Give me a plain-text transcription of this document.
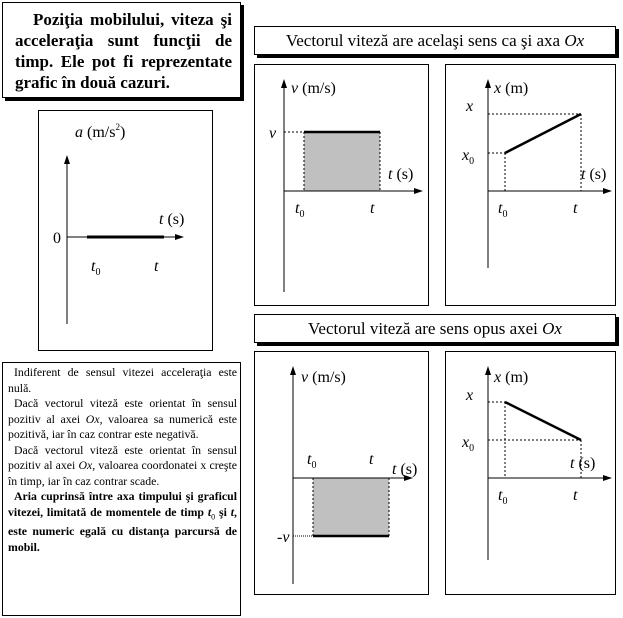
Poziţia mobilului, viteza şi acceleraţia sunt funcţii de timp. Ele pot fi reprezentate grafic în două cazuri.
Vectorul viteză are acelaşi sens ca şi axa Ox
Vectorul viteză are sens opus axei Ox
a $(m/s^2)$
t (s)
0
$t_0$	t
v (m/s)
t (s)
v
$t_0$	t
x (m)
t (s)
x
$x_0$
$t_0$	t
v (m/s)
t (s)
-v
$t_0$	t
x (m)
t (s)
x
$x_0$
$t_0$	t

Indiferent de sensul vitezei acceleraţia este nulă.

Dacă vectorul viteză este orientat în sensul pozitiv al axei Ox, valoarea sa numerică este pozitivă, iar în caz contrar este negativă.

Dacă vectorul viteză este orientat în sensul pozitiv al axei Ox, valoarea coordonatei x creşte în timp, iar în caz contrar scade.

Aria cuprinsă între axa timpului şi graficul vitezei, limitată de momentele de timp $t_0$ şi t, este numeric egală cu distanţa parcursă de mobil.
